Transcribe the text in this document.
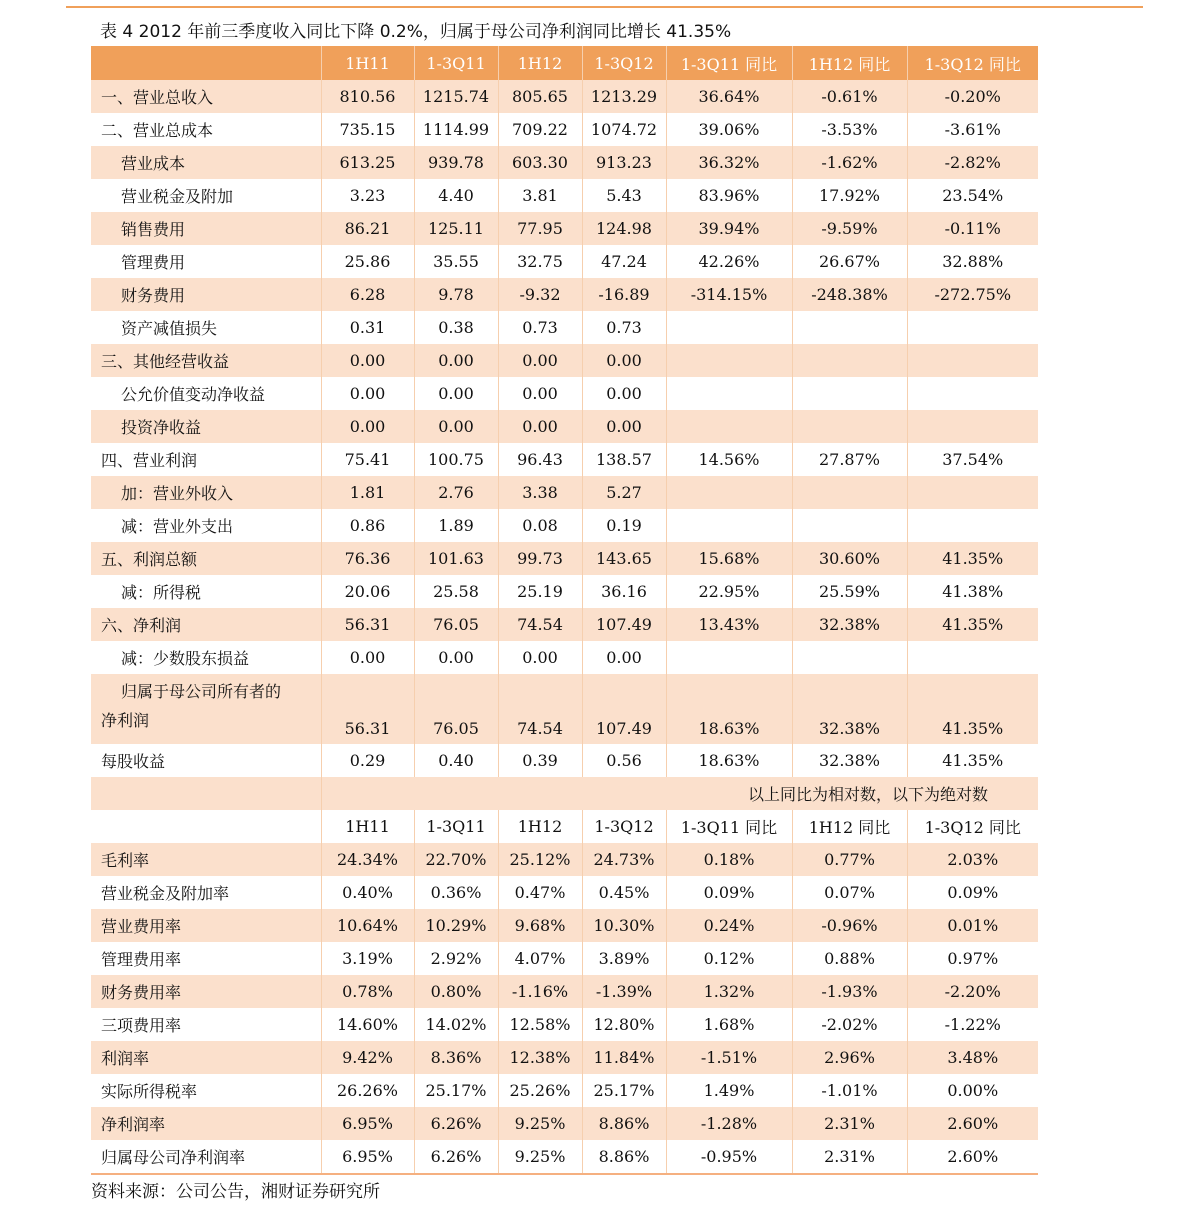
表 4 2012 年前三季度收入同比下降 0.2%，归属于母公司净利润同比增长 41.35%
	1H11	1-3Q11	1H12	1-3Q12	1-3Q11 同比	1H12 同比	1-3Q12 同比
一、营业总收入	810.56	1215.74	805.65	1213.29	36.64%	-0.61%	-0.20%
二、营业总成本	735.15	1114.99	709.22	1074.72	39.06%	-3.53%	-3.61%
营业成本	613.25	939.78	603.30	913.23	36.32%	-1.62%	-2.82%
营业税金及附加	3.23	4.40	3.81	5.43	83.96%	17.92%	23.54%
销售费用	86.21	125.11	77.95	124.98	39.94%	-9.59%	-0.11%
管理费用	25.86	35.55	32.75	47.24	42.26%	26.67%	32.88%
财务费用	6.28	9.78	-9.32	-16.89	-314.15%	-248.38%	-272.75%
资产减值损失	0.31	0.38	0.73	0.73			
三、其他经营收益	0.00	0.00	0.00	0.00			
公允价值变动净收益	0.00	0.00	0.00	0.00			
投资净收益	0.00	0.00	0.00	0.00			
四、营业利润	75.41	100.75	96.43	138.57	14.56%	27.87%	37.54%
加：营业外收入	1.81	2.76	3.38	5.27			
减：营业外支出	0.86	1.89	0.08	0.19			
五、利润总额	76.36	101.63	99.73	143.65	15.68%	30.60%	41.35%
减：所得税	20.06	25.58	25.19	36.16	22.95%	25.59%	41.38%
六、净利润	56.31	76.05	74.54	107.49	13.43%	32.38%	41.35%
减：少数股东损益	0.00	0.00	0.00	0.00			

归属于母公司所有者的
净利润	56.31	76.05	74.54	107.49	18.63%	32.38%	41.35%
每股收益	0.29	0.40	0.39	0.56	18.63%	32.38%	41.35%
	以上同比为相对数，以下为绝对数						
	1H11	1-3Q11	1H12	1-3Q12	1-3Q11 同比	1H12 同比	1-3Q12 同比
毛利率	24.34%	22.70%	25.12%	24.73%	0.18%	0.77%	2.03%
营业税金及附加率	0.40%	0.36%	0.47%	0.45%	0.09%	0.07%	0.09%
营业费用率	10.64%	10.29%	9.68%	10.30%	0.24%	-0.96%	0.01%
管理费用率	3.19%	2.92%	4.07%	3.89%	0.12%	0.88%	0.97%
财务费用率	0.78%	0.80%	-1.16%	-1.39%	1.32%	-1.93%	-2.20%
三项费用率	14.60%	14.02%	12.58%	12.80%	1.68%	-2.02%	-1.22%
利润率	9.42%	8.36%	12.38%	11.84%	-1.51%	2.96%	3.48%
实际所得税率	26.26%	25.17%	25.26%	25.17%	1.49%	-1.01%	0.00%
净利润率	6.95%	6.26%	9.25%	8.86%	-1.28%	2.31%	2.60%
归属母公司净利润率	6.95%	6.26%	9.25%	8.86%	-0.95%	2.31%	2.60%
资料来源：公司公告，湘财证券研究所
